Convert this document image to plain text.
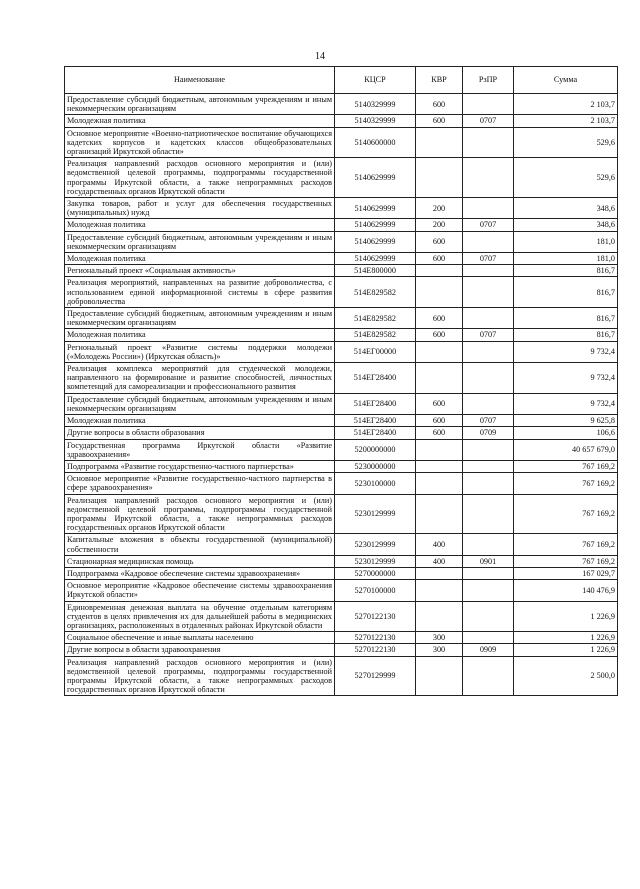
14
Наименование	КЦСР	КВР	РзПР	Сумма
Предоставление субсидий бюджетным, автономным учреждениям и иным некоммерческим организациям	5140329999	600		2 103,7
Молодежная политика	5140329999	600	0707	2 103,7
Основное мероприятие «Военно-патриотическое воспитание обучающихся кадетских корпусов и кадетских классов общеобразовательных организаций Иркутской области»	5140600000			529,6
Реализация направлений расходов основного мероприятия и (или) ведомственной целевой программы, подпрограммы государственной программы Иркутской области, а также непрограммных расходов государственных органов Иркутской области	5140629999			529,6
Закупка товаров, работ и услуг для обеспечения государственных (муниципальных) нужд	5140629999	200		348,6
Молодежная политика	5140629999	200	0707	348,6
Предоставление субсидий бюджетным, автономным учреждениям и иным некоммерческим организациям	5140629999	600		181,0
Молодежная политика	5140629999	600	0707	181,0
Региональный проект «Социальная активность»	514E800000			816,7
Реализация мероприятий, направленных на развитие добровольчества, с использованием единой информационной системы в сфере развития добровольчества	514E829582			816,7
Предоставление субсидий бюджетным, автономным учреждениям и иным некоммерческим организациям	514E829582	600		816,7
Молодежная политика	514E829582	600	0707	816,7
Региональный проект «Развитие системы поддержки молодежи («Молодежь России») (Иркутская область)»	514EГ00000			9 732,4
Реализация комплекса мероприятий для студенческой молодежи, направленного на формирование и развитие способностей, личностных компетенций для самореализации и профессионального развития	514EГ28400			9 732,4
Предоставление субсидий бюджетным, автономным учреждениям и иным некоммерческим организациям	514EГ28400	600		9 732,4
Молодежная политика	514EГ28400	600	0707	9 625,8
Другие вопросы в области образования	514EГ28400	600	0709	106,6
Государственная программа Иркутской области «Развитие здравоохранения»	5200000000			40 657 679,0
Подпрограмма «Развитие государственно-частного партнерства»	5230000000			767 169,2
Основное мероприятие «Развитие государственно-частного партнерства в сфере здравоохранения»	5230100000			767 169,2
Реализация направлений расходов основного мероприятия и (или) ведомственной целевой программы, подпрограммы государственной программы Иркутской области, а также непрограммных расходов государственных органов Иркутской области	5230129999			767 169,2
Капитальные вложения в объекты государственной (муниципальной) собственности	5230129999	400		767 169,2
Стационарная медицинская помощь	5230129999	400	0901	767 169,2
Подпрограмма «Кадровое обеспечение системы здравоохранения»	5270000000			167 029,7
Основное мероприятие «Кадровое обеспечение системы здравоохранения Иркутской области»	5270100000			140 476,9
Единовременная денежная выплата на обучение отдельным категориям студентов в целях привлечения их для дальнейшей работы в медицинских организациях, расположенных в отдаленных районах Иркутской области	5270122130			1 226,9
Социальное обеспечение и иные выплаты населению	5270122130	300		1 226,9
Другие вопросы в области здравоохранения	5270122130	300	0909	1 226,9
Реализация направлений расходов основного мероприятия и (или) ведомственной целевой программы, подпрограммы государственной программы Иркутской области, а также непрограммных расходов государственных органов Иркутской области	5270129999			2 500,0
